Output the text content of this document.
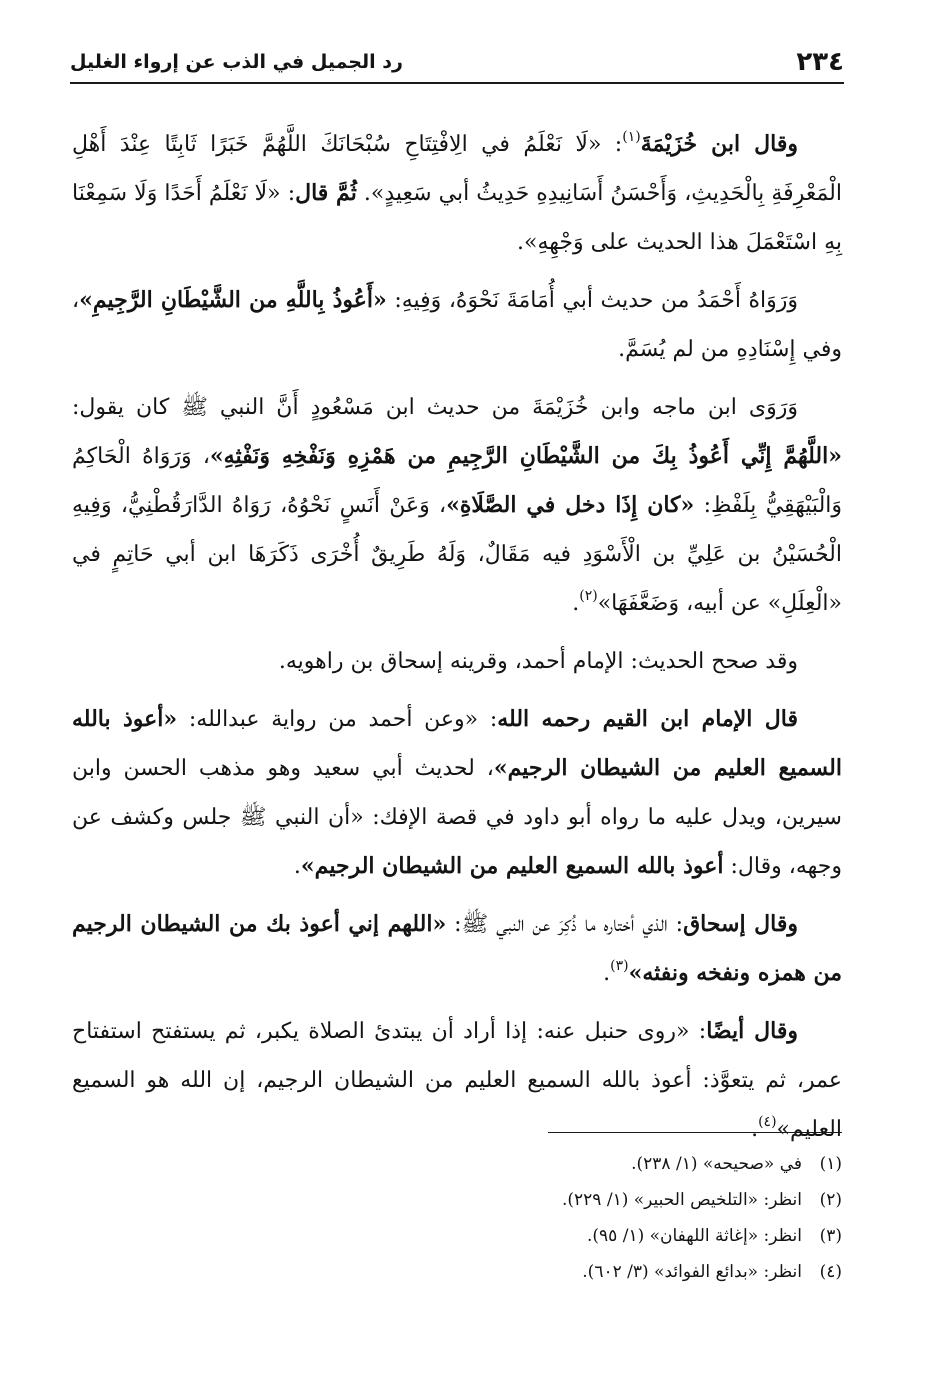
٢٣٤
رد الجميل في الذب عن إرواء الغليل

وقال ابن خُزَيْمَةَ$^{(١)}$: «لَا نَعْلَمُ في الِافْتِتَاحِ سُبْحَانَكَ اللَّهُمَّ خَبَرًا ثَابِتًا عِنْدَ أَهْلِ الْمَعْرِفَةِ بِالْحَدِيثِ، وَأَحْسَنُ أَسَانِيدِهِ حَدِيثُ أبي سَعِيدٍ». ثُمَّ قال: «لَا نَعْلَمُ أَحَدًا وَلَا سَمِعْنَا بِهِ اسْتَعْمَلَ هذا الحديث على وَجْهِهِ».

وَرَوَاهُ أَحْمَدُ من حديث أبي أُمَامَةَ نَحْوَهُ، وَفِيهِ: «أَعُوذُ بِاللَّهِ من الشَّيْطَانِ الرَّجِيمِ»، وفي إِسْنَادِهِ من لم يُسَمَّ.

وَرَوَى ابن ماجه وابن خُزَيْمَةَ من حديث ابن مَسْعُودٍ أَنَّ النبي ﷺ كان يقول: «اللَّهُمَّ إِنِّي أَعُوذُ بِكَ من الشَّيْطَانِ الرَّجِيمِ من هَمْزِهِ وَنَفْخِهِ وَنَفْثِهِ»، وَرَوَاهُ الْحَاكِمُ وَالْبَيْهَقِيُّ بِلَفْظِ: «كان إِذَا دخل في الصَّلَاةِ»، وَعَنْ أَنَسٍ نَحْوُهُ، رَوَاهُ الدَّارَقُطْنِيُّ، وَفِيهِ الْحُسَيْنُ بن عَلِيِّ بن الْأَسْوَدِ فيه مَقَالٌ، وَلَهُ طَرِيقٌ أُخْرَى ذَكَرَهَا ابن أبي حَاتِمٍ في «الْعِلَلِ» عن أبيه، وَضَعَّفَهَا»$^{(٢)}$.

وقد صحح الحديث: الإمام أحمد، وقرينه إسحاق بن راهويه.

قال الإمام ابن القيم رحمه الله: «وعن أحمد من رواية عبدالله: «أعوذ بالله السميع العليم من الشيطان الرجيم»، لحديث أبي سعيد وهو مذهب الحسن وابن سيرين، ويدل عليه ما رواه أبو داود في قصة الإفك: «أن النبي ﷺ جلس وكشف عن وجهه، وقال: أعوذ بالله السميع العليم من الشيطان الرجيم».

وقال إسحاق: الذي أختاره ما ذُكِرَ عن النبي ﷺ: «اللهم إني أعوذ بك من الشيطان الرجيم من همزه ونفخه ونفثه»$^{(٣)}$.

وقال أيضًا: «روى حنبل عنه: إذا أراد أن يبتدئ الصلاة يكبر، ثم يستفتح استفتاح عمر، ثم يتعوَّذ: أعوذ بالله السميع العليم من الشيطان الرجيم، إن الله هو السميع العليم»$^{(٤)}$.

(١)
في «صحيحه» (١/ ٢٣٨).
(٢)
انظر: «التلخيص الحبير» (١/ ٢٢٩).
(٣)
انظر: «إغاثة اللهفان» (١/ ٩٥).
(٤)
انظر: «بدائع الفوائد» (٣/ ٦٠٢).
